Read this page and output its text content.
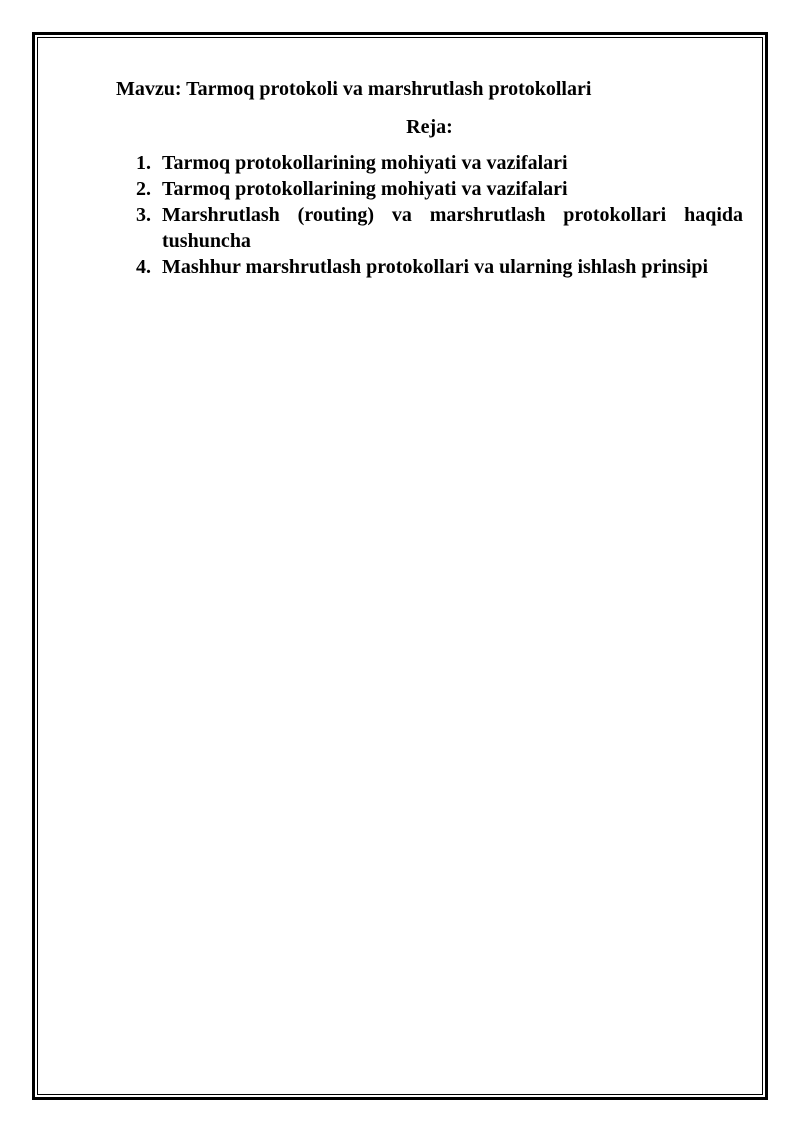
Mavzu: Tarmoq protokoli va marshrutlash protokollari

Reja:
1. Tarmoq protokollarining mohiyati va vazifalari
2. Tarmoq protokollarining mohiyati va vazifalari
3. Marshrutlash (routing) va marshrutlash protokollari haqida tushuncha
4. Mashhur marshrutlash protokollari va ularning ishlash prinsipi
